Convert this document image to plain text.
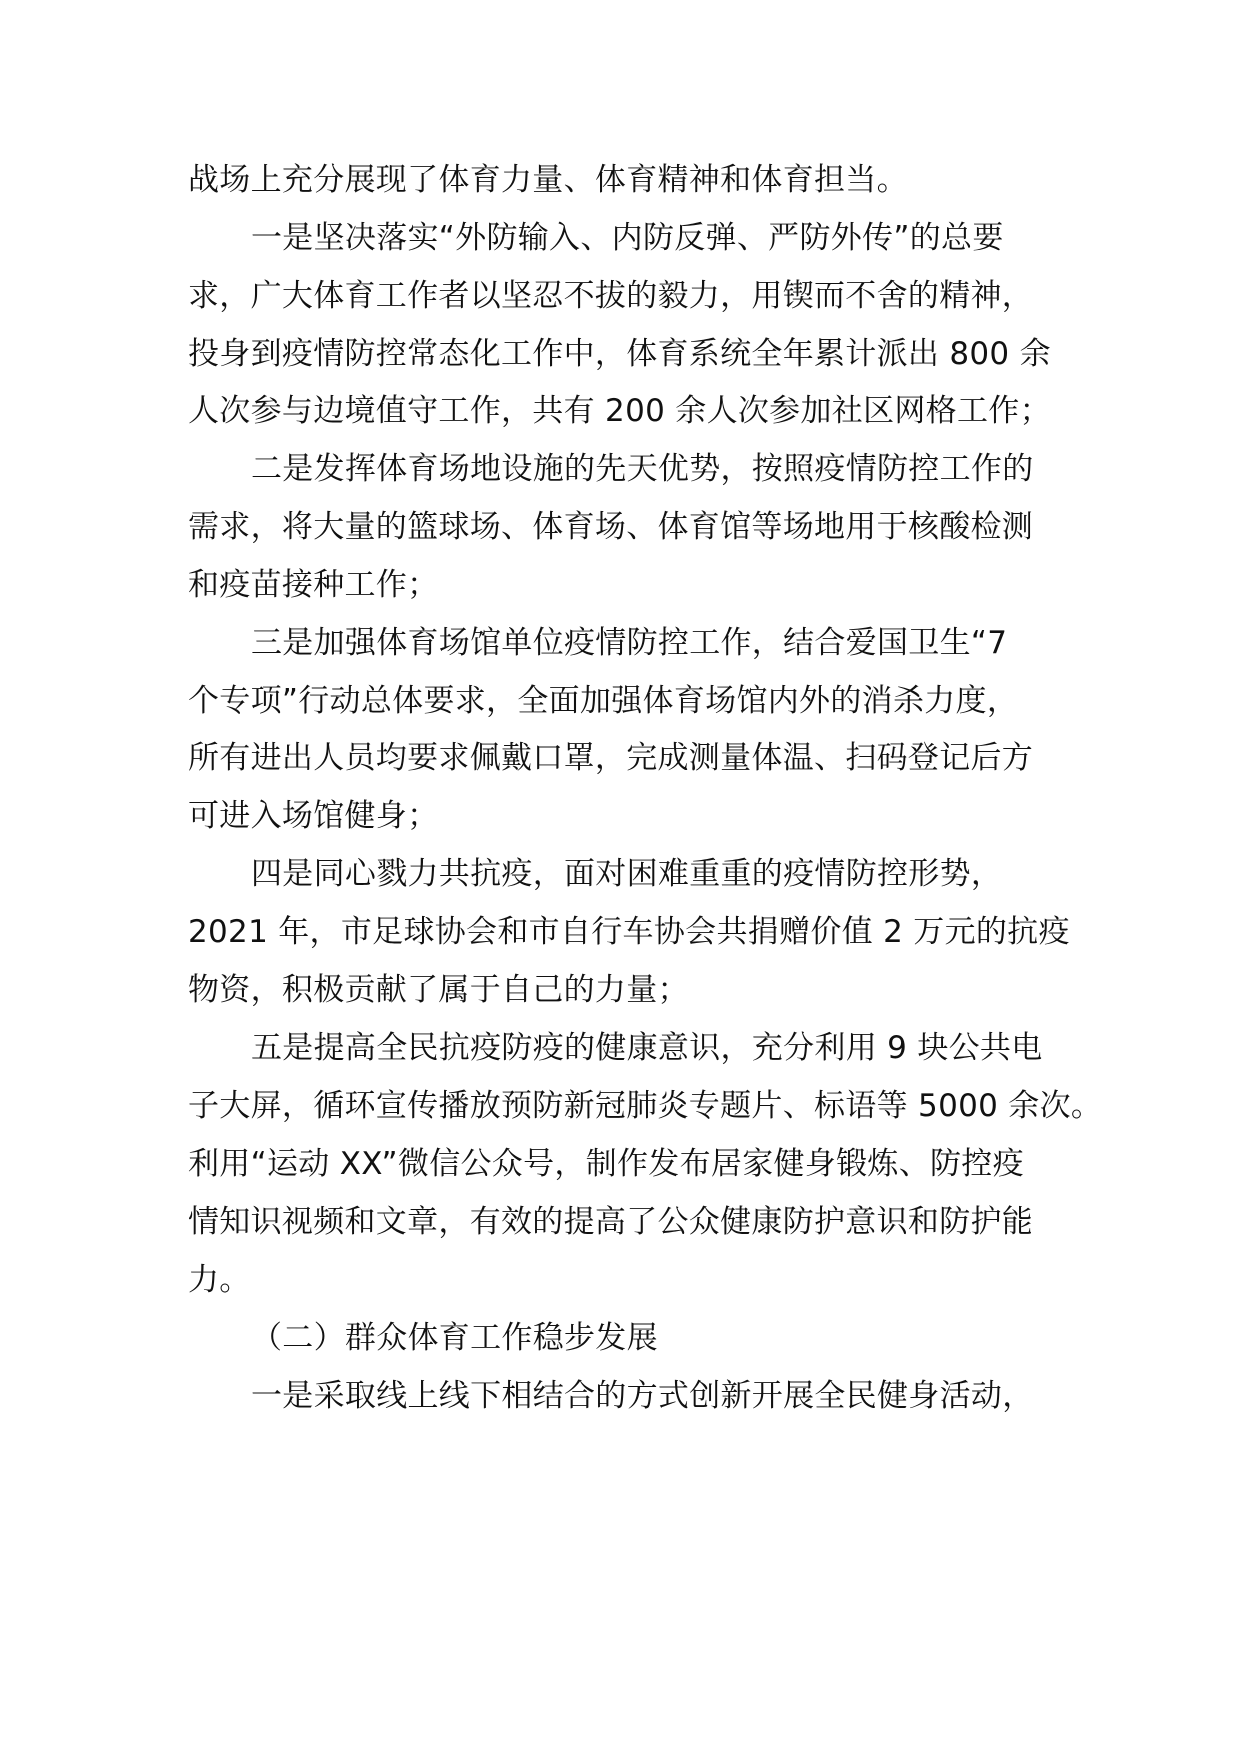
战场上充分展现了体育力量、体育精神和体育担当。
一是坚决落实“外防输入、内防反弹、严防外传”的总要
求，广大体育工作者以坚忍不拔的毅力，用锲而不舍的精神，
投身到疫情防控常态化工作中，体育系统全年累计派出 800 余
人次参与边境值守工作，共有 200 余人次参加社区网格工作；
二是发挥体育场地设施的先天优势，按照疫情防控工作的
需求，将大量的篮球场、体育场、体育馆等场地用于核酸检测
和疫苗接种工作；
三是加强体育场馆单位疫情防控工作，结合爱国卫生“7
个专项”行动总体要求，全面加强体育场馆内外的消杀力度，
所有进出人员均要求佩戴口罩，完成测量体温、扫码登记后方
可进入场馆健身；
四是同心戮力共抗疫，面对困难重重的疫情防控形势，
2021 年，市足球协会和市自行车协会共捐赠价值 2 万元的抗疫
物资，积极贡献了属于自己的力量；
五是提高全民抗疫防疫的健康意识，充分利用 9 块公共电
子大屏，循环宣传播放预防新冠肺炎专题片、标语等 5000 余次。
利用“运动 XX”微信公众号，制作发布居家健身锻炼、防控疫
情知识视频和文章，有效的提高了公众健康防护意识和防护能
力。
（二）群众体育工作稳步发展
一是采取线上线下相结合的方式创新开展全民健身活动，
